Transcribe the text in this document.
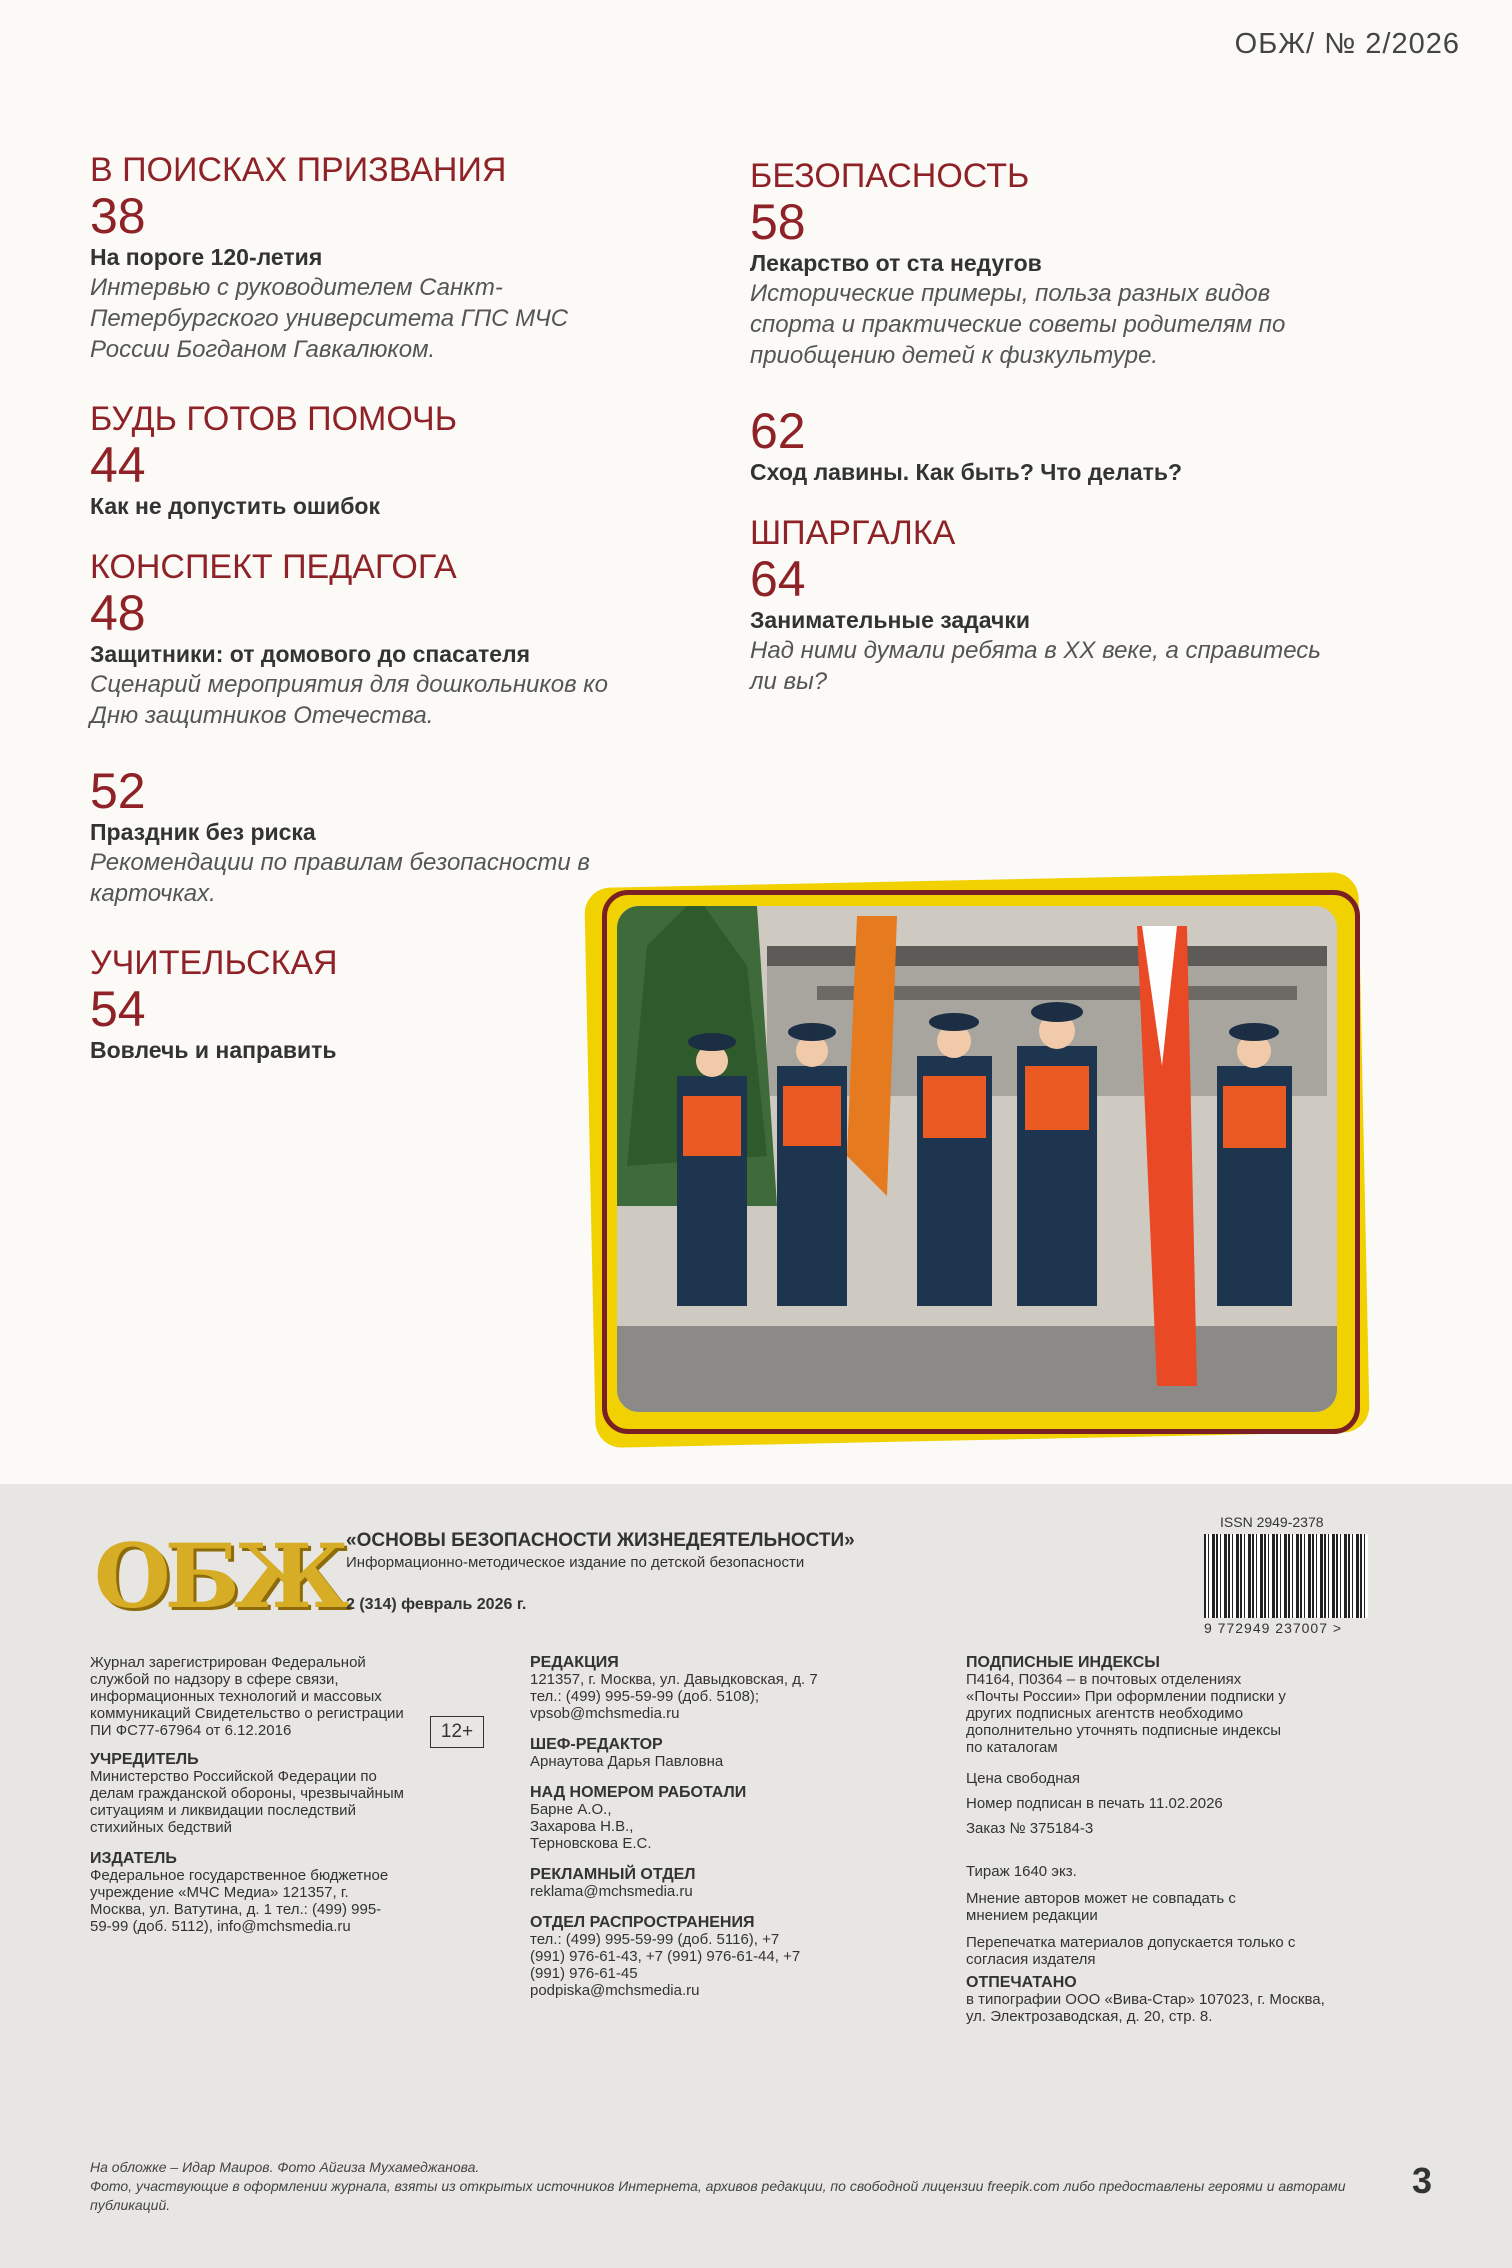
ОБЖ/ № 2/2026
В ПОИСКАХ ПРИЗВАНИЯ
38
На пороге 120-летия
Интервью с руководителем Санкт-Петербургского университета ГПС МЧС России Богданом Гавкалюком.
БУДЬ ГОТОВ ПОМОЧЬ
44
Как не допустить ошибок
КОНСПЕКТ ПЕДАГОГА
48
Защитники: от домового до спасателя
Сценарий мероприятия для дошкольников ко Дню защитников Отечества.
52
Праздник без риска
Рекомендации по правилам безопасности в карточках.
УЧИТЕЛЬСКАЯ
54
Вовлечь и направить
БЕЗОПАСНОСТЬ
58
Лекарство от ста недугов
Исторические примеры, польза разных видов спорта и практические советы родителям по приобщению детей к физкультуре.
62
Сход лавины. Как быть? Что делать?
ШПАРГАЛКА
64
Занимательные задачки
Над ними думали ребята в XX веке, а справитесь ли вы?
ОБЖ «ОСНОВЫ БЕЗОПАСНОСТИ ЖИЗНЕДЕЯТЕЛЬНОСТИ»
Информационно-методическое издание по детской безопасности
2 (314) февраль 2026 г.
ISSN 2949-2378
9 772949 237007 >
Журнал зарегистрирован Федеральной службой по надзору в сфере связи, информационных технологий и массовых коммуникаций Свидетельство о регистрации ПИ ФС77-67964 от 6.12.2016
УЧРЕДИТЕЛЬ
Министерство Российской Федерации по делам гражданской обороны, чрезвычайным ситуациям и ликвидации последствий стихийных бедствий
ИЗДАТЕЛЬ
Федеральное государственное бюджетное учреждение «МЧС Медиа» 121357, г. Москва, ул. Ватутина, д. 1 тел.: (499) 995-59-99 (доб. 5112), info@mchsmedia.ru
12+
РЕДАКЦИЯ
121357, г. Москва, ул. Давыдковская, д. 7 тел.: (499) 995-59-99 (доб. 5108); vpsob@mchsmedia.ru
ШЕФ-РЕДАКТОР
Арнаутова Дарья Павловна
НАД НОМЕРОМ РАБОТАЛИ
Барне А.О., Захарова Н.В., Терновскова Е.С.
РЕКЛАМНЫЙ ОТДЕЛ
reklama@mchsmedia.ru
ОТДЕЛ РАСПРОСТРАНЕНИЯ
тел.: (499) 995-59-99 (доб. 5116), +7 (991) 976-61-43, +7 (991) 976-61-44, +7 (991) 976-61-45 podpiska@mchsmedia.ru
ПОДПИСНЫЕ ИНДЕКСЫ
П4164, П0364 – в почтовых отделениях «Почты России» При оформлении подписки у других подписных агентств необходимо дополнительно уточнять подписные индексы по каталогам
Цена свободная
Номер подписан в печать 11.02.2026
Заказ № 375184-3
Тираж 1640 экз.
Мнение авторов может не совпадать с мнением редакции
Перепечатка материалов допускается только с согласия издателя
ОТПЕЧАТАНО
в типографии ООО «Вива-Стар» 107023, г. Москва, ул. Электрозаводская, д. 20, стр. 8.
На обложке – Идар Маиров. Фото Айгиза Мухамеджанова.
Фото, участвующие в оформлении журнала, взяты из открытых источников Интернета, архивов редакции, по свободной лицензии freepik.com либо предоставлены героями и авторами публикаций.
3
